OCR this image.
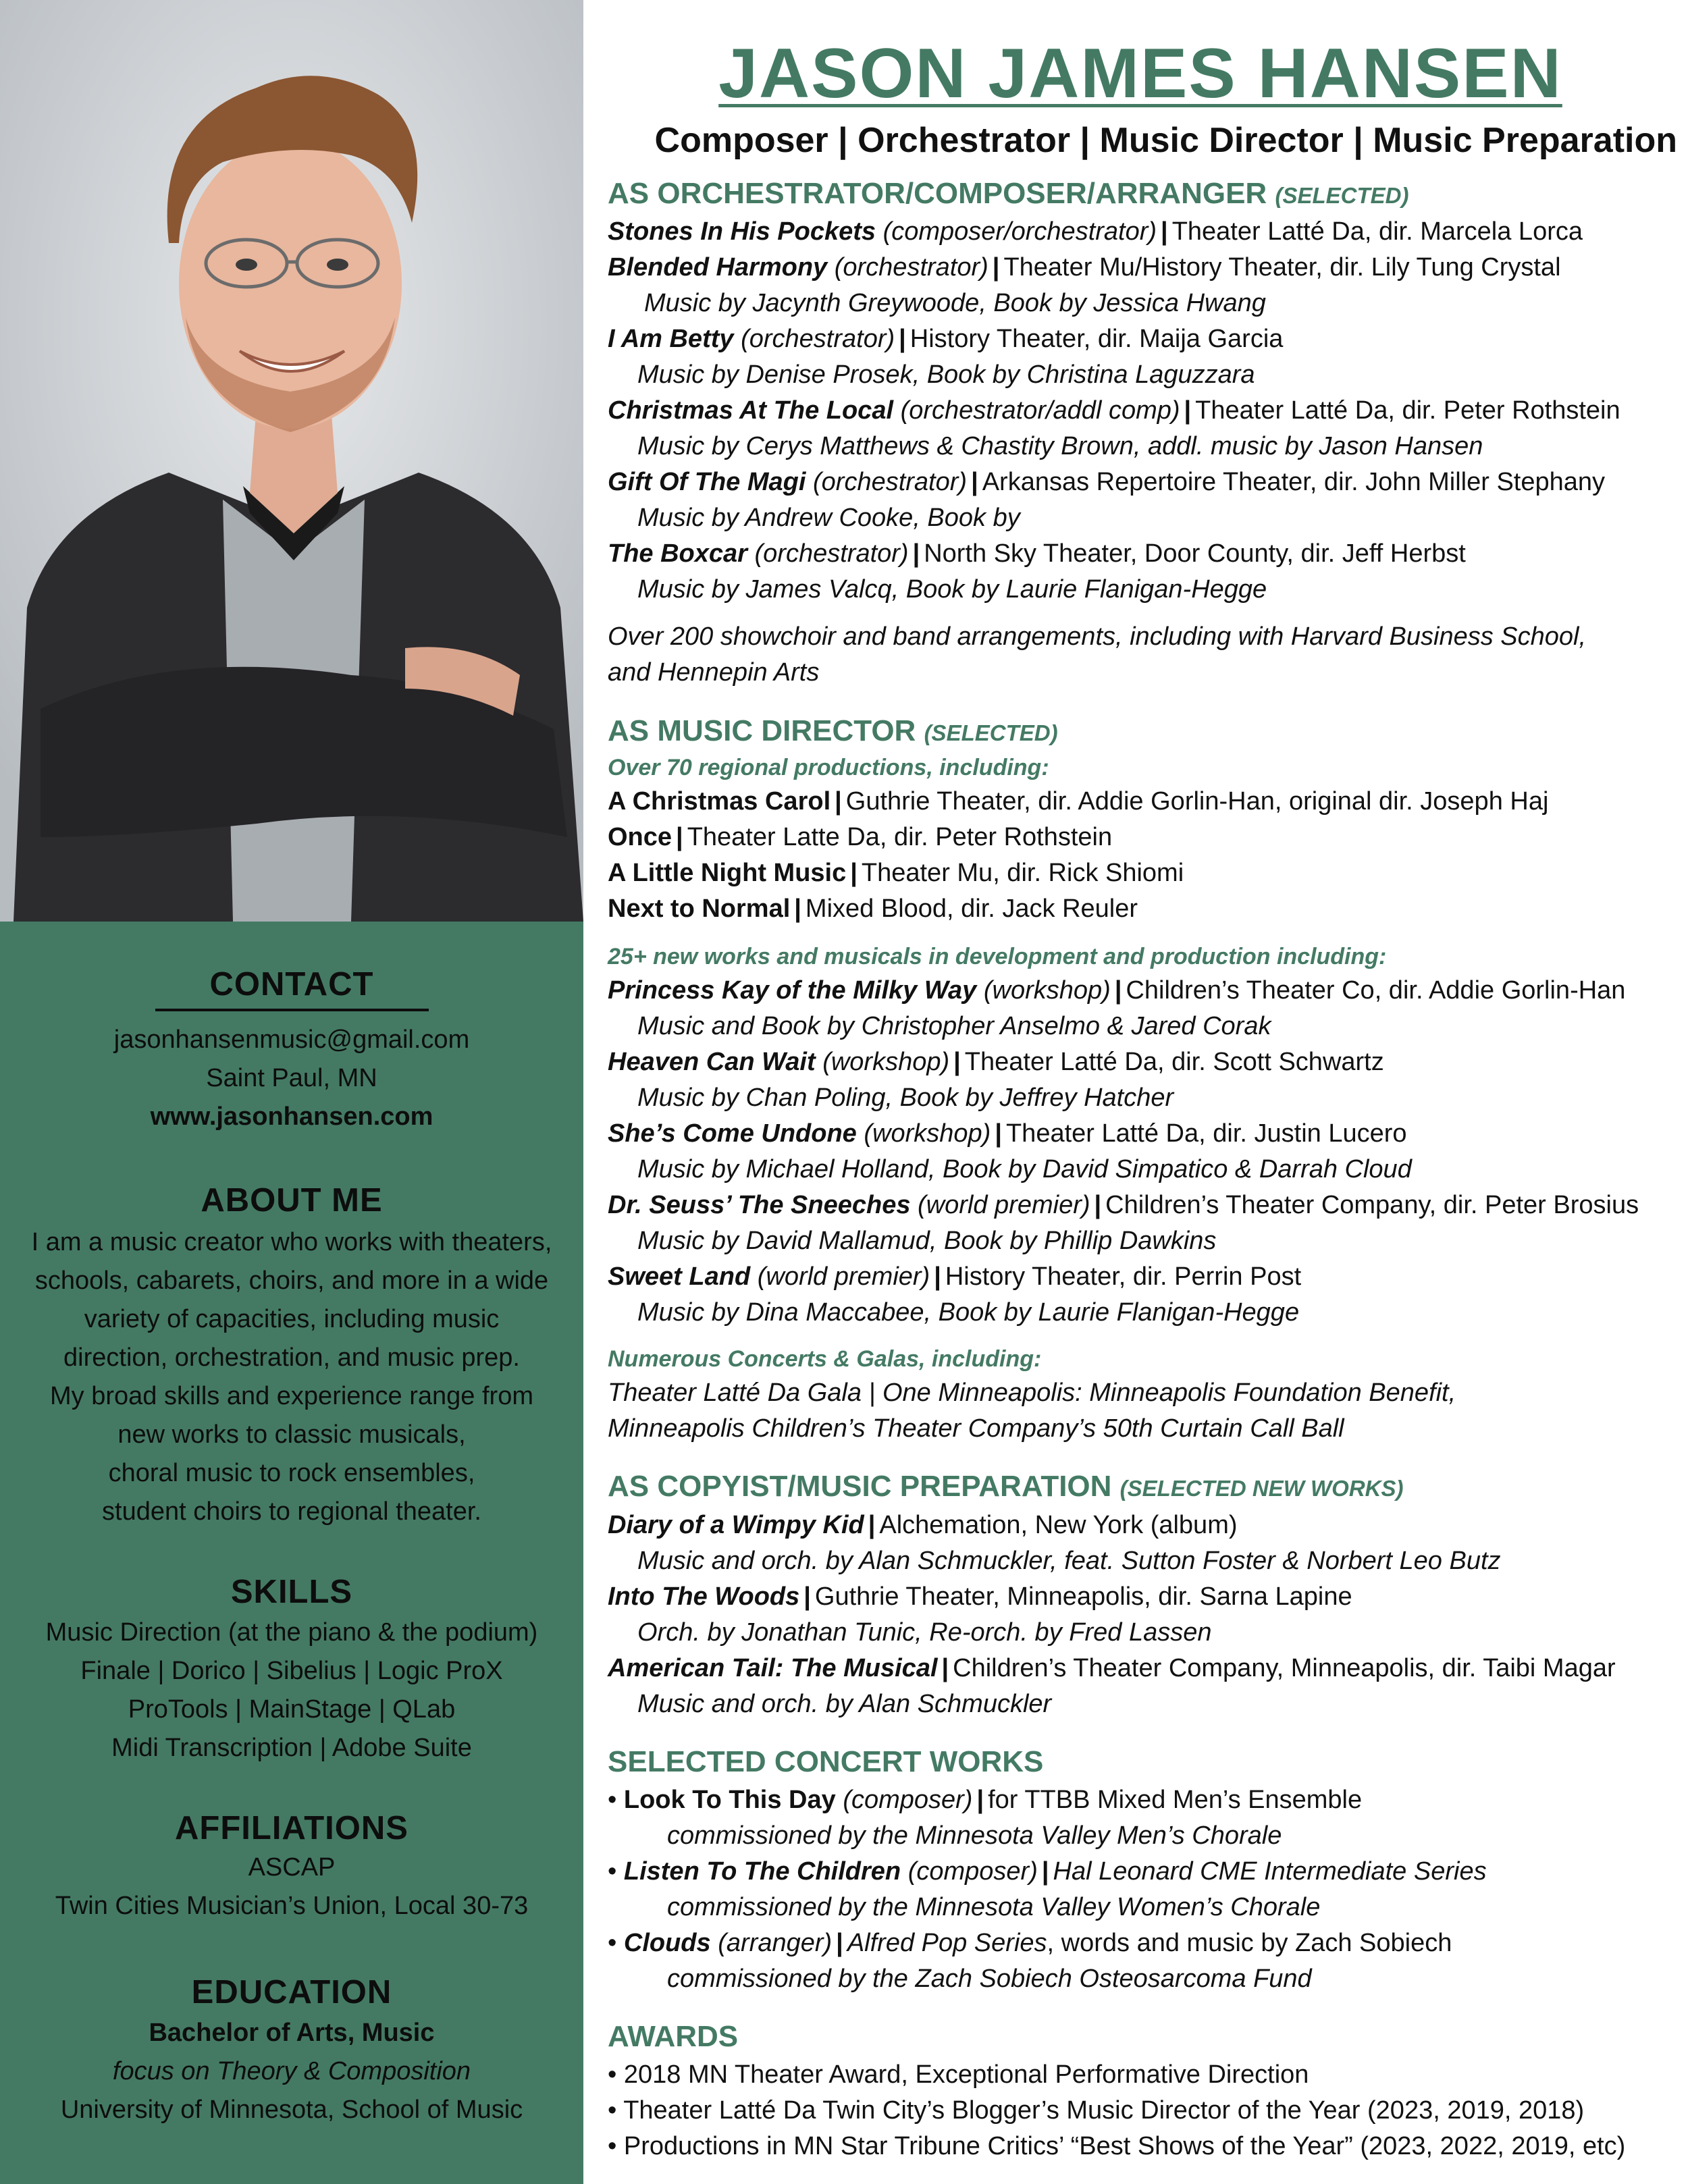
CONTACT

jasonhansenmusic@gmail.com

Saint Paul, MN

www.jasonhansen.com

ABOUT ME

I am a music creator who works with theaters,

schools, cabarets, choirs, and more in a wide

variety of capacities, including music

direction, orchestration, and music prep.

My broad skills and experience range from

new works to classic musicals,

choral music to rock ensembles,

student choirs to regional theater.

SKILLS

Music Direction (at the piano & the podium)

Finale | Dorico | Sibelius | Logic ProX

ProTools | MainStage | QLab

Midi Transcription | Adobe Suite

AFFILIATIONS

ASCAP

Twin Cities Musician’s Union, Local 30-73

EDUCATION

Bachelor of Arts, Music

focus on Theory & Composition

University of Minnesota, School of Music

JASON JAMES HANSEN
Composer | Orchestrator | Music Director | Music Preparation
AS ORCHESTRATOR/COMPOSER/ARRANGER (SELECTED)
Stones In His Pockets (composer/orchestrator) | Theater Latté Da, dir. Marcela Lorca
Blended Harmony (orchestrator) | Theater Mu/History Theater, dir. Lily Tung Crystal
Music by Jacynth Greywoode, Book by Jessica Hwang
I Am Betty (orchestrator) | History Theater, dir. Maija Garcia
Music by Denise Prosek, Book by Christina Laguzzara
Christmas At The Local (orchestrator/addl comp) | Theater Latté Da, dir. Peter Rothstein
Music by Cerys Matthews & Chastity Brown, addl. music by Jason Hansen
Gift Of The Magi (orchestrator) | Arkansas Repertoire Theater, dir. John Miller Stephany
Music by Andrew Cooke, Book by
The Boxcar (orchestrator) | North Sky Theater, Door County, dir. Jeff Herbst
Music by James Valcq, Book by Laurie Flanigan-Hegge
Over 200 showchoir and band arrangements, including with Harvard Business School,
and Hennepin Arts
AS MUSIC DIRECTOR (SELECTED)
Over 70 regional productions, including:
A Christmas Carol | Guthrie Theater, dir. Addie Gorlin-Han, original dir. Joseph Haj
Once | Theater Latte Da, dir. Peter Rothstein
A Little Night Music | Theater Mu, dir. Rick Shiomi
Next to Normal | Mixed Blood, dir. Jack Reuler
25+ new works and musicals in development and production including:
Princess Kay of the Milky Way (workshop) | Children’s Theater Co, dir. Addie Gorlin-Han
Music and Book by Christopher Anselmo & Jared Corak
Heaven Can Wait (workshop) | Theater Latté Da, dir. Scott Schwartz
Music by Chan Poling, Book by Jeffrey Hatcher
She’s Come Undone (workshop) | Theater Latté Da, dir. Justin Lucero
Music by Michael Holland, Book by David Simpatico & Darrah Cloud
Dr. Seuss’ The Sneeches (world premier) | Children’s Theater Company, dir. Peter Brosius
Music by David Mallamud, Book by Phillip Dawkins
Sweet Land (world premier) | History Theater, dir. Perrin Post
Music by Dina Maccabee, Book by Laurie Flanigan-Hegge
Numerous Concerts & Galas, including:
Theater Latté Da Gala | One Minneapolis: Minneapolis Foundation Benefit,
Minneapolis Children’s Theater Company’s 50th Curtain Call Ball
AS COPYIST/MUSIC PREPARATION (SELECTED NEW WORKS)
Diary of a Wimpy Kid | Alchemation, New York (album)
Music and orch. by Alan Schmuckler, feat. Sutton Foster & Norbert Leo Butz
Into The Woods | Guthrie Theater, Minneapolis, dir. Sarna Lapine
Orch. by Jonathan Tunic, Re-orch. by Fred Lassen
American Tail: The Musical | Children’s Theater Company, Minneapolis, dir. Taibi Magar
Music and orch. by Alan Schmuckler
SELECTED CONCERT WORKS
• Look To This Day (composer) | for TTBB Mixed Men’s Ensemble
commissioned by the Minnesota Valley Men’s Chorale
• Listen To The Children (composer) | Hal Leonard CME Intermediate Series
commissioned by the Minnesota Valley Women’s Chorale
• Clouds (arranger) | Alfred Pop Series, words and music by Zach Sobiech
commissioned by the Zach Sobiech Osteosarcoma Fund
AWARDS
• 2018 MN Theater Award, Exceptional Performative Direction
• Theater Latté Da Twin City’s Blogger’s Music Director of the Year (2023, 2019, 2018)
• Productions in MN Star Tribune Critics’ “Best Shows of the Year” (2023, 2022, 2019, etc)
